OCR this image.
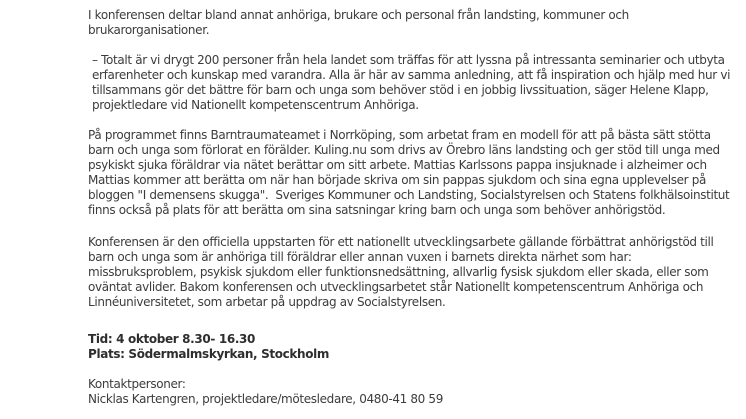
I konferensen deltar bland annat anhöriga, brukare och personal från landsting, kommuner och brukarorganisationer.

– Totalt är vi drygt 200 personer från hela landet som träffas för att lyssna på intressanta seminarier och utbyta erfarenheter och kunskap med varandra. Alla är här av samma anledning, att få inspiration och hjälp med hur vi tillsammans gör det bättre för barn och unga som behöver stöd i en jobbig livssituation, säger Helene Klapp, projektledare vid Nationellt kompetenscentrum Anhöriga.

På programmet finns Barntraumateamet i Norrköping, som arbetat fram en modell för att på bästa sätt stötta barn och unga som förlorat en förälder. Kuling.nu som drivs av Örebro läns landsting och ger stöd till unga med psykiskt sjuka föräldrar via nätet berättar om sitt arbete. Mattias Karlssons pappa insjuknade i alzheimer och Mattias kommer att berätta om när han började skriva om sin pappas sjukdom och sina egna upplevelser på bloggen "I demensens skugga".  Sveriges Kommuner och Landsting, Socialstyrelsen och Statens folkhälsoinstitut finns också på plats för att berätta om sina satsningar kring barn och unga som behöver anhörigstöd.

Konferensen är den officiella uppstarten för ett nationellt utvecklingsarbete gällande förbättrat anhörigstöd till barn och unga som är anhöriga till föräldrar eller annan vuxen i barnets direkta närhet som har: missbruksproblem, psykisk sjukdom eller funktionsnedsättning, allvarlig fysisk sjukdom eller skada, eller som oväntat avlider. Bakom konferensen och utvecklingsarbetet står Nationellt kompetenscentrum Anhöriga och Linnéuniversitetet, som arbetar på uppdrag av Socialstyrelsen.

Tid: 4 oktober 8.30- 16.30

Plats: Södermalmskyrkan, Stockholm

Kontaktpersoner:

Nicklas Kartengren, projektledare/mötesledare, 0480-41 80 59
